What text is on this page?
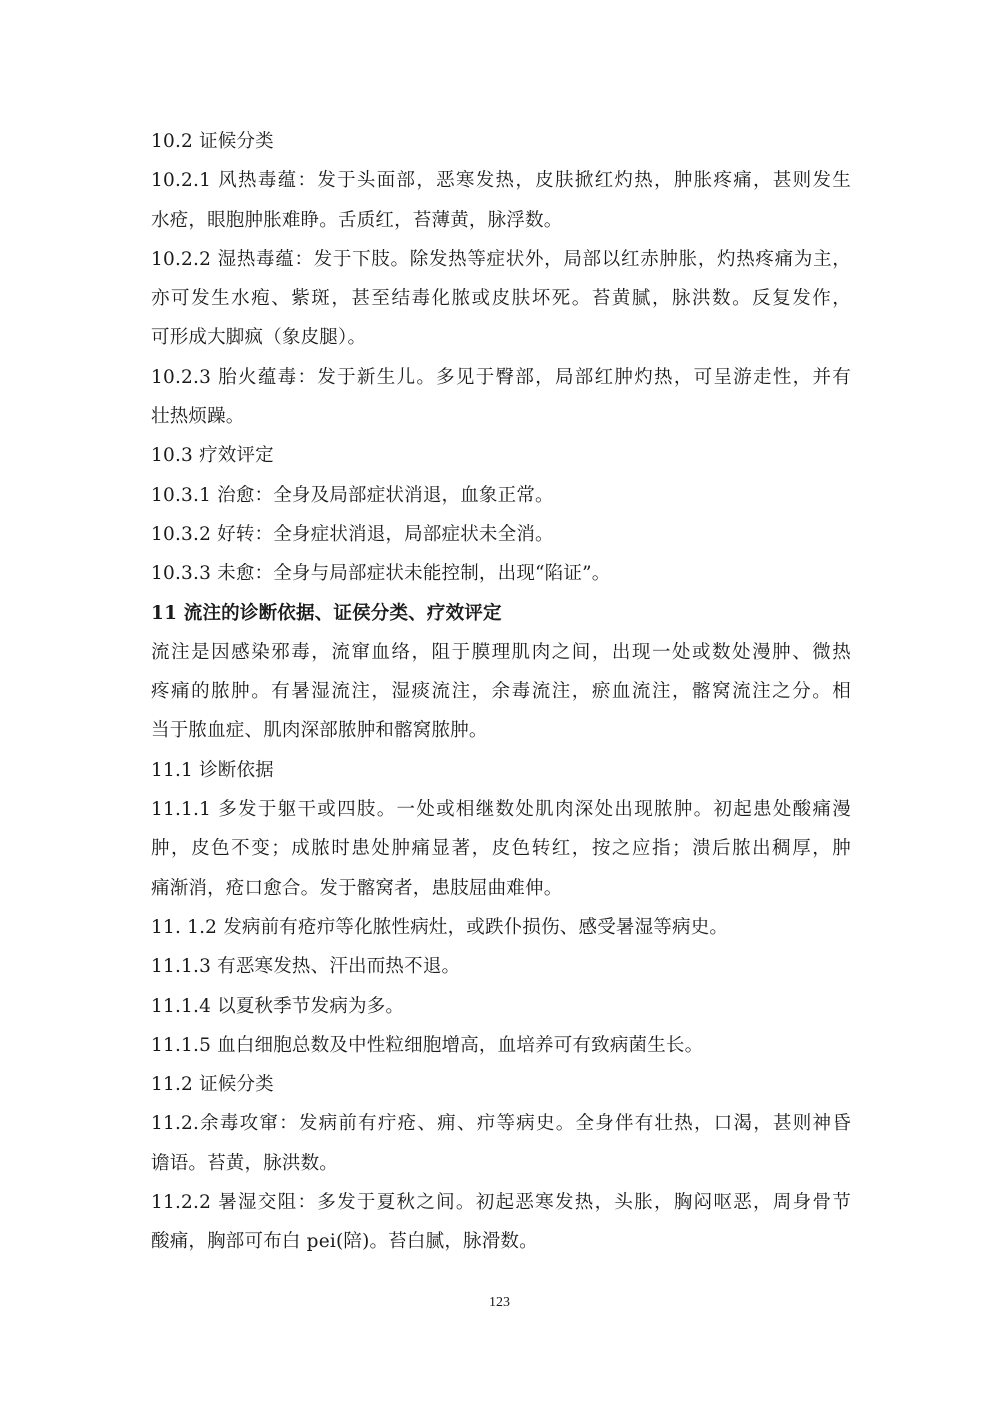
10.2 证候分类
10.2.1 风热毒蕴：发于头面部，恶寒发热，皮肤掀红灼热，肿胀疼痛，甚则发生
水疮，眼胞肿胀难睁。舌质红，苔薄黄，脉浮数。
10.2.2 湿热毒蕴：发于下肢。除发热等症状外，局部以红赤肿胀，灼热疼痛为主，
亦可发生水疱、紫斑，甚至结毒化脓或皮肤坏死。苔黄腻，脉洪数。反复发作，
可形成大脚疯（象皮腿）。
10.2.3 胎火蕴毒：发于新生儿。多见于臀部，局部红肿灼热，可呈游走性，并有
壮热烦躁。
10.3 疗效评定
10.3.1 治愈：全身及局部症状消退，血象正常。
10.3.2 好转：全身症状消退，局部症状未全消。
10.3.3 未愈：全身与局部症状未能控制，出现“陷证”。
11 流注的诊断依据、证侯分类、疗效评定
流注是因感染邪毒，流窜血络，阻于膜理肌肉之间，出现一处或数处漫肿、微热
疼痛的脓肿。有暑湿流注，湿痰流注，余毒流注，瘀血流注，髂窝流注之分。相
当于脓血症、肌肉深部脓肿和髂窝脓肿。
11.1 诊断依据
11.1.1 多发于躯干或四肢。一处或相继数处肌肉深处出现脓肿。初起患处酸痛漫
肿，皮色不变；成脓时患处肿痛显著，皮色转红，按之应指；溃后脓出稠厚，肿
痛渐消，疮口愈合。发于髂窝者，患肢屈曲难伸。
11. 1.2 发病前有疮疖等化脓性病灶，或跌仆损伤、感受暑湿等病史。
11.1.3 有恶寒发热、汗出而热不退。
11.1.4 以夏秋季节发病为多。
11.1.5 血白细胞总数及中性粒细胞增高，血培养可有致病菌生长。
11.2 证候分类
11.2.余毒攻窜：发病前有疔疮、痈、疖等病史。全身伴有壮热，口渴，甚则神昏
谵语。苔黄，脉洪数。
11.2.2 暑湿交阻：多发于夏秋之间。初起恶寒发热，头胀，胸闷呕恶，周身骨节
酸痛，胸部可布白 pei(陪)。苔白腻，脉滑数。
123
